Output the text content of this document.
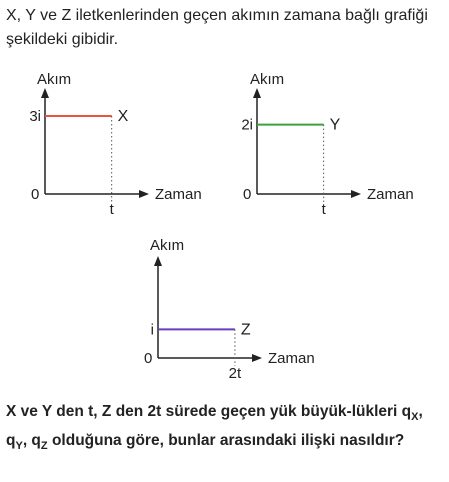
X, Y ve Z iletkenlerinden geçen akımın zamana bağlı grafiği şekildeki gibidir.

Akım
Zaman
0
3i
t
X
Akım
Zaman
0
2i
t
Y
Akım
Zaman
0
i
2t
Z

X ve Y den t, Z den 2t sürede geçen yük büyük-lükleri $q_X$, $q_Y$, $q_Z$ olduğuna göre, bunlar arasındaki ilişki nasıldır?
